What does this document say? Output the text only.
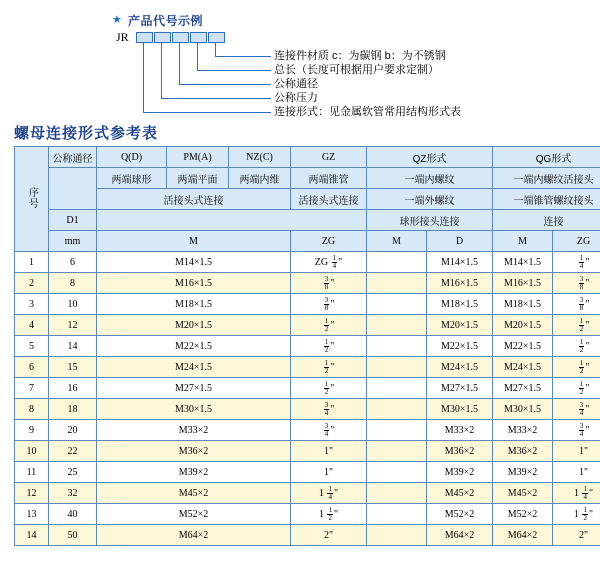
★ 产品代号示例
JR
连接件材质 c：为碳钢 b：为不锈钢
总长（长度可根据用户要求定制）
公称通径
公称压力
连接形式：见金属软管常用结构形式表
螺母连接形式参考表
序号	公称通径	Q(D)	PM(A)	NZ(C)	GZ	QZ形式		QG形式	
		两端球形	两端平面	两端内维	两端锥管	一端内螺纹		一端内螺纹活接头	
		活接头式连接			活接头式连接	一端外螺纹		一端锥管螺纹接头	
	D1					球形接头连接		连接	
	mm	M			ZG	M	D	M	ZG
1	6	M14×1.5			ZG $\frac{1}{4}$ "		M14×1.5	M14×1.5	$\frac{1}{4}$ "
2	8	M16×1.5			$\frac{3}{8}$ "		M16×1.5	M16×1.5	$\frac{3}{8}$ "
3	10	M18×1.5			$\frac{3}{8}$ "		M18×1.5	M18×1.5	$\frac{3}{8}$ "
4	12	M20×1.5			$\frac{1}{2}$ "		M20×1.5	M20×1.5	$\frac{1}{2}$ "
5	14	M22×1.5			$\frac{1}{2}$ "		M22×1.5	M22×1.5	$\frac{1}{2}$ "
6	15	M24×1.5			$\frac{1}{2}$ "		M24×1.5	M24×1.5	$\frac{1}{2}$ "
7	16	M27×1.5			$\frac{1}{2}$ "		M27×1.5	M27×1.5	$\frac{1}{2}$ "
8	18	M30×1.5			$\frac{3}{4}$ "		M30×1.5	M30×1.5	$\frac{3}{4}$ "
9	20	M33×2			$\frac{3}{4}$ "		M33×2	M33×2	$\frac{3}{4}$ "
10	22	M36×2			1"		M36×2	M36×2	1"
11	25	M39×2			1"		M39×2	M39×2	1"
12	32	M45×2			$1 \frac{1}{4}$ "		M45×2	M45×2	$1 \frac{1}{4}$ "
13	40	M52×2			$1 \frac{1}{2}$ "		M52×2	M52×2	$1 \frac{1}{2}$ "
14	50	M64×2			2"		M64×2	M64×2	2"
